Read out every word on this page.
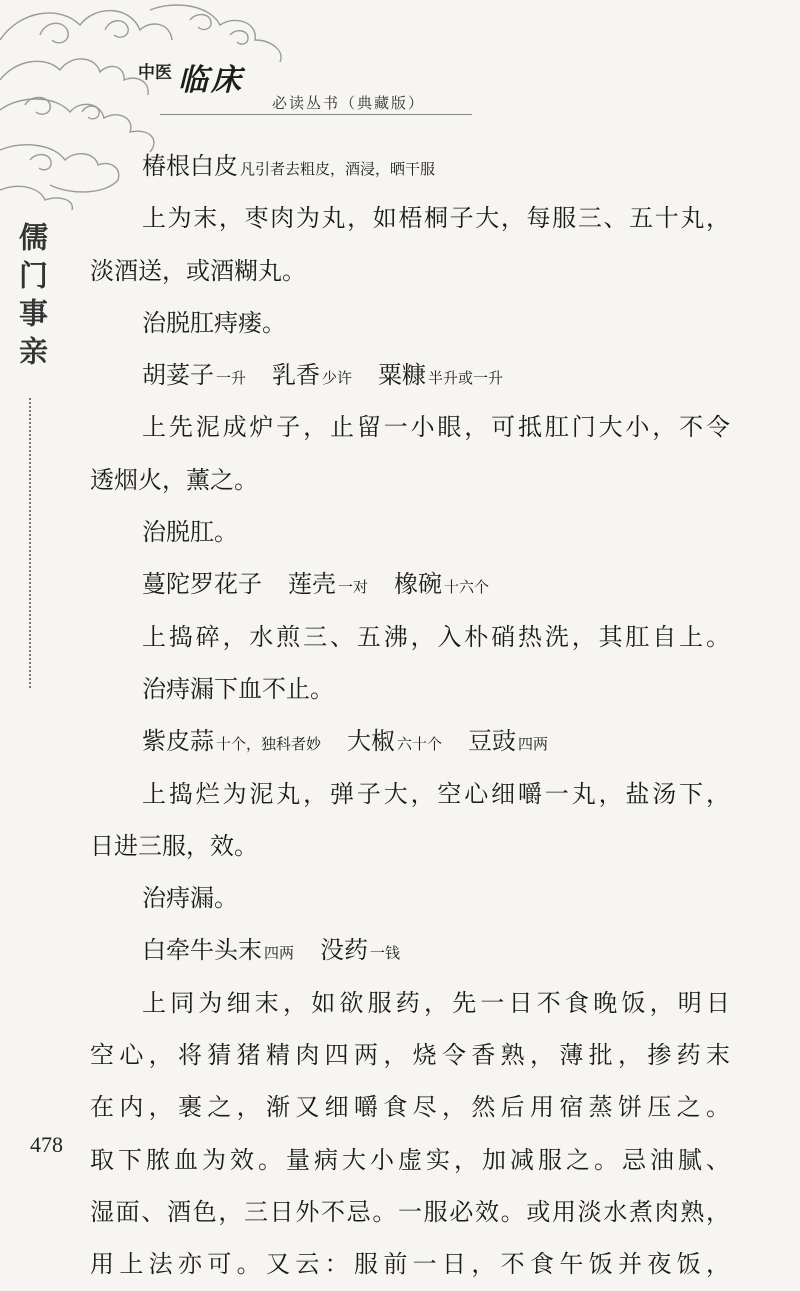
中医 临床
必读丛书（典藏版）
儒门事亲
椿根白皮 凡引者去粗皮，酒浸，晒干服
上为末，枣肉为丸，如梧桐子大，每服三、五十丸，
淡酒送，或酒糊丸。
治脱肛痔瘘。
胡荽子 一升 乳香 少许 粟糠 半升或一升
上先泥成炉子，止留一小眼，可抵肛门大小，不令
透烟火，薰之。
治脱肛。
蔓陀罗花子 莲壳 一对 橡碗 十六个
上捣碎，水煎三、五沸，入朴硝热洗，其肛自上。
治痔漏下血不止。
紫皮蒜 十个，独科者妙 大椒 六十个 豆豉 四两
上捣烂为泥丸，弹子大，空心细嚼一丸，盐汤下，
日进三服，效。
治痔漏。
白牵牛头末 四两 没药 一钱
上同为细末，如欲服药，先一日不食晚饭，明日
空心，将猜猪精肉四两，烧令香熟，薄批，掺药末
在内，裹之，渐又细嚼食尽，然后用宿蒸饼压之。
取下脓血为效。量病大小虚实，加减服之。忌油腻、
湿面、酒色，三日外不忌。一服必效。或用淡水煮肉熟，
用上法亦可。又云：服前一日，不食午饭并夜饭，
478
